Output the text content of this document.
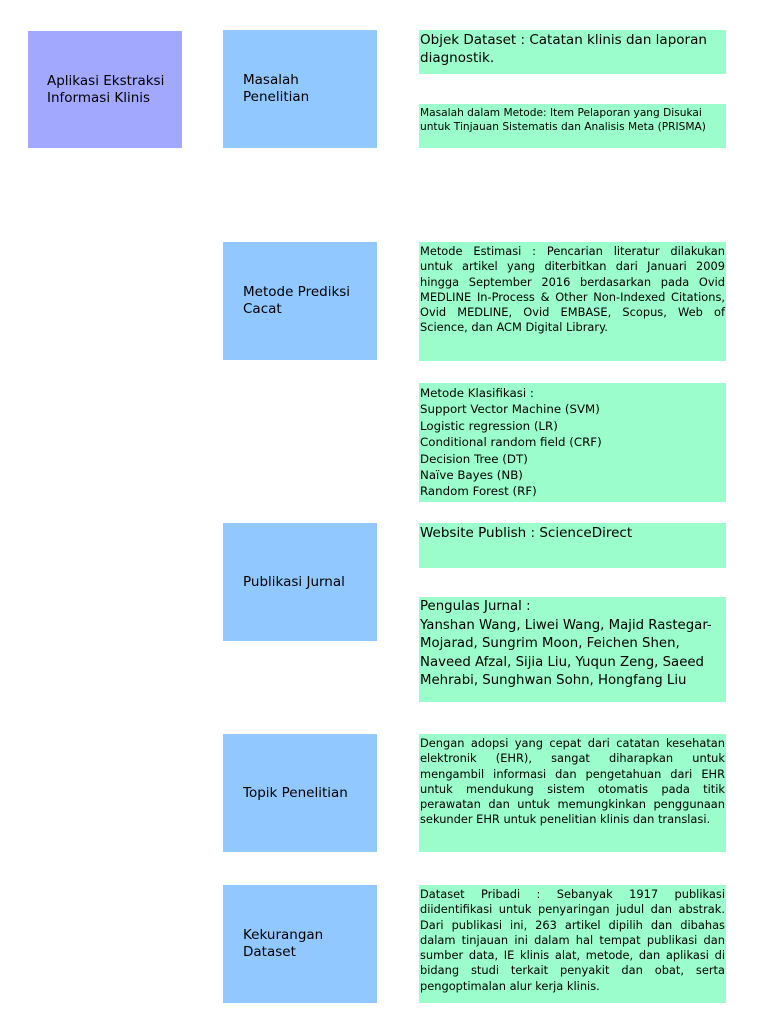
Aplikasi Ekstraksi Informasi Klinis
Masalah Penelitian
Metode Prediksi Cacat
Publikasi Jurnal
Topik Penelitian
Kekurangan Dataset
Objek Dataset : Catatan klinis dan laporan diagnostik.
Masalah dalam Metode: Item Pelaporan yang Disukai untuk Tinjauan Sistematis dan Analisis Meta (PRISMA)
Metode Estimasi : Pencarian literatur dilakukan untuk artikel yang diterbitkan dari Januari 2009 hingga September 2016 berdasarkan pada Ovid MEDLINE In-Process & Other Non-Indexed Citations, Ovid MEDLINE, Ovid EMBASE, Scopus, Web of Science, dan ACM Digital Library.
Metode Klasifikasi :
Support Vector Machine (SVM)
Logistic regression (LR)
Conditional random field (CRF)
Decision Tree (DT)
Naïve Bayes (NB)
Random Forest (RF)
Website Publish : ScienceDirect
Pengulas Jurnal :
Yanshan Wang, Liwei Wang, Majid Rastegar-Mojarad, Sungrim Moon, Feichen Shen, Naveed Afzal, Sijia Liu, Yuqun Zeng, Saeed Mehrabi, Sunghwan Sohn, Hongfang Liu
Dengan adopsi yang cepat dari catatan kesehatan elektronik (EHR), sangat diharapkan untuk mengambil informasi dan pengetahuan dari EHR untuk mendukung sistem otomatis pada titik perawatan dan untuk memungkinkan penggunaan sekunder EHR untuk penelitian klinis dan translasi.
Dataset Pribadi : Sebanyak 1917 publikasi diidentifikasi untuk penyaringan judul dan abstrak. Dari publikasi ini, 263 artikel dipilih dan dibahas dalam tinjauan ini dalam hal tempat publikasi dan sumber data, IE klinis alat, metode, dan aplikasi di bidang studi terkait penyakit dan obat, serta pengoptimalan alur kerja klinis.
